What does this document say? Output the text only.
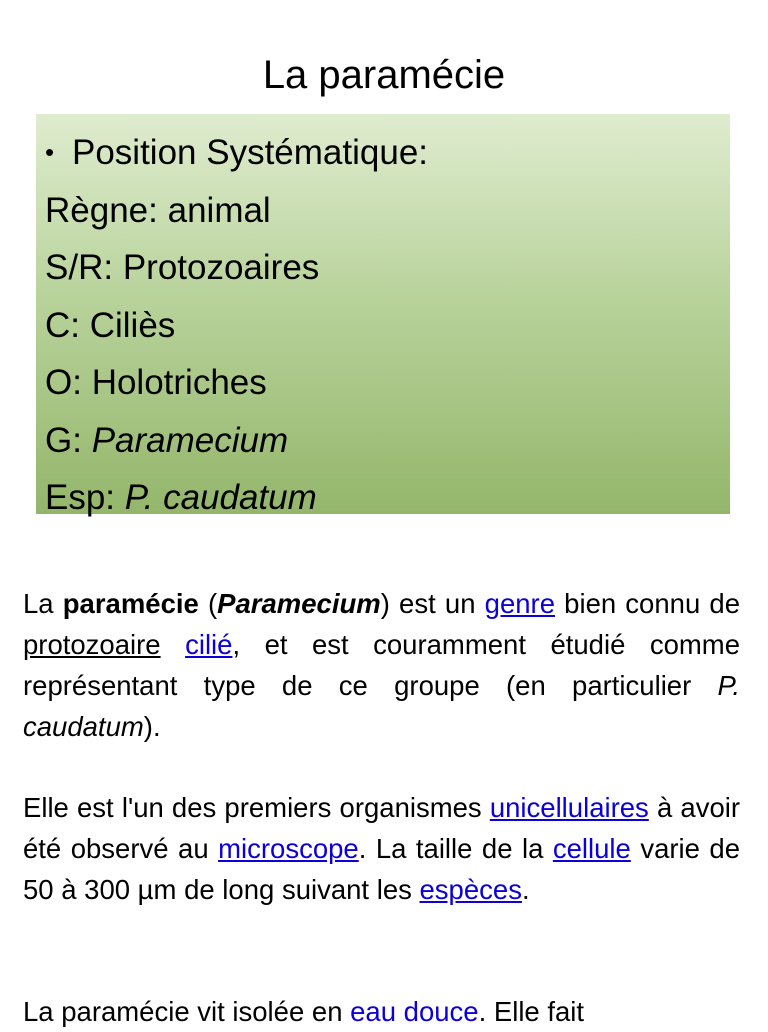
La paramécie
• Position Systématique:
Règne: animal
S/R: Protozoaires
C: Ciliès
O: Holotriches
G: Paramecium
Esp: P. caudatum
La paramécie (Paramecium) est un genre bien connu de protozoaire cilié, et est couramment étudié comme représentant type de ce groupe (en particulier P. caudatum).
Elle est l'un des premiers organismes unicellulaires à avoir été observé au microscope. La taille de la cellule varie de 50 à 300 µm de long suivant les espèces.
La paramécie vit isolée en eau douce. Elle fait
